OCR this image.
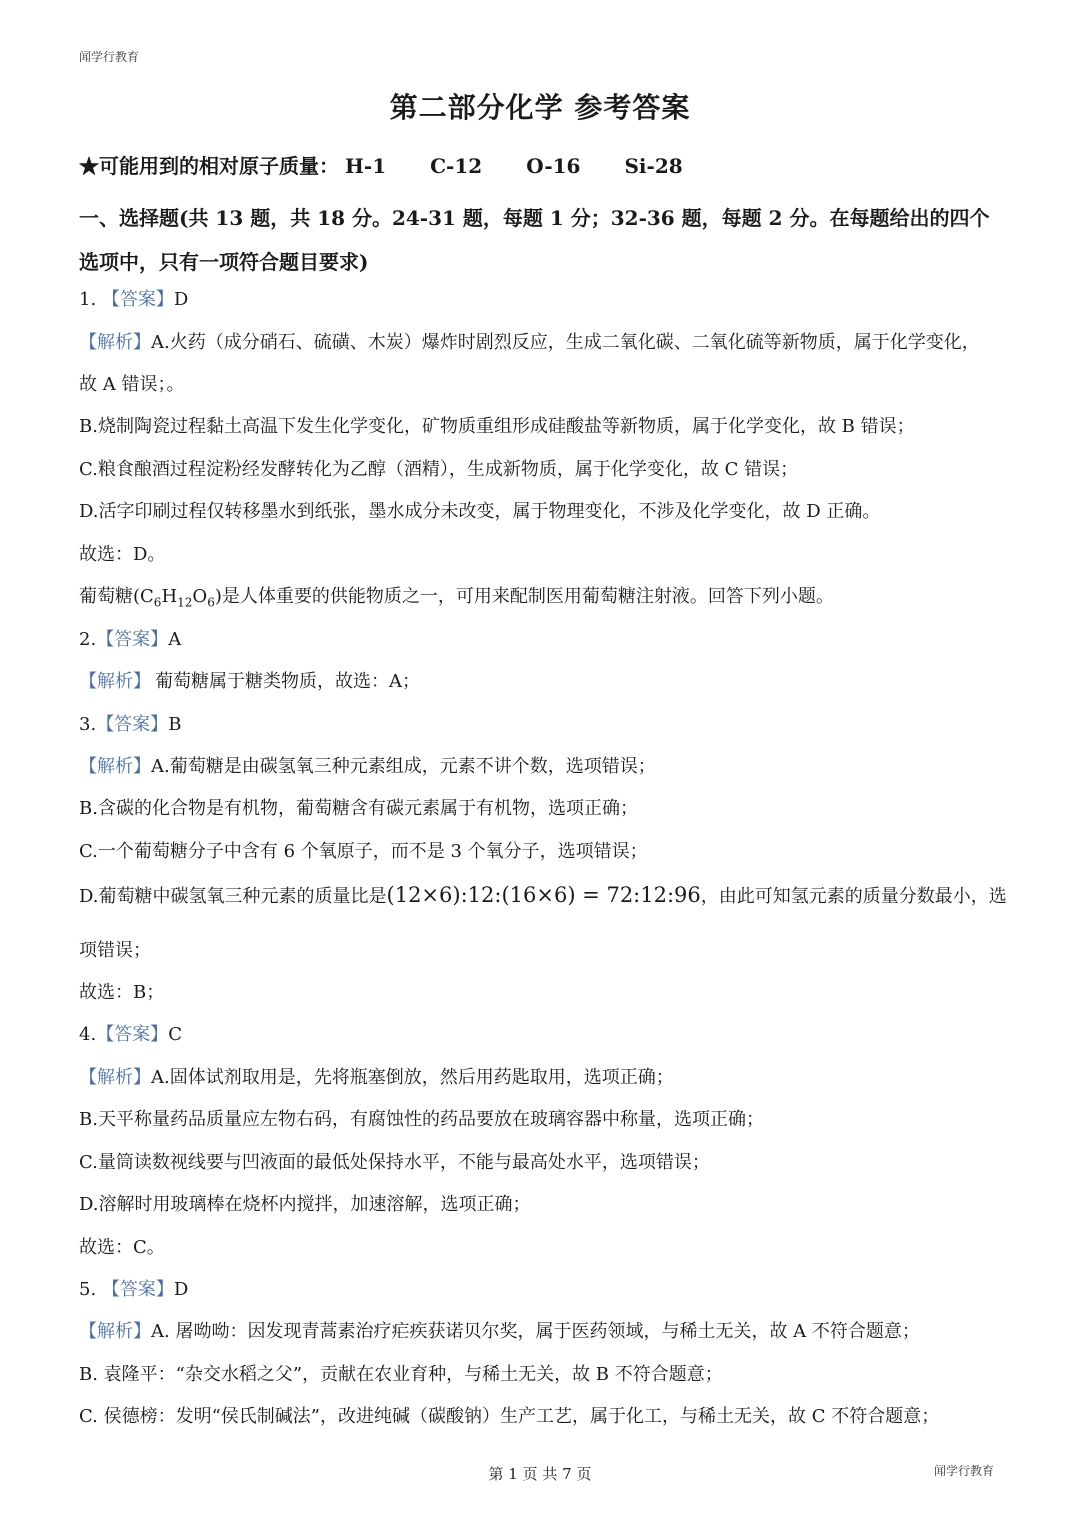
闻学行教育
第二部分化学 参考答案
★可能用到的相对原子质量： H-1 C-12 O-16 Si-28
一、选择题(共 13 题，共 18 分。24-31 题，每题 1 分；32-36 题，每题 2 分。在每题给出的四个选项中，只有一项符合题目要求)
1. 【答案】D
【解析】A.火药（成分硝石、硫磺、木炭）爆炸时剧烈反应，生成二氧化碳、二氧化硫等新物质，属于化学变化，
故 A 错误；。
B.烧制陶瓷过程黏土高温下发生化学变化，矿物质重组形成硅酸盐等新物质，属于化学变化，故 B 错误；
C.粮食酿酒过程淀粉经发酵转化为乙醇（酒精），生成新物质，属于化学变化，故 C 错误；
D.活字印刷过程仅转移墨水到纸张，墨水成分未改变，属于物理变化，不涉及化学变化，故 D 正确。
故选：D。
葡萄糖$(C_6H_{12}O_6)$是人体重要的供能物质之一，可用来配制医用葡萄糖注射液。回答下列小题。
2.【答案】A
【解析】 葡萄糖属于糖类物质，故选：A；
3.【答案】B
【解析】A.葡萄糖是由碳氢氧三种元素组成，元素不讲个数，选项错误；
B.含碳的化合物是有机物，葡萄糖含有碳元素属于有机物，选项正确；
C.一个葡萄糖分子中含有 6 个氧原子，而不是 3 个氧分子，选项错误；
D.葡萄糖中碳氢氧三种元素的质量比是(12×6):12:(16×6) = 72:12:96，由此可知氢元素的质量分数最小，选
项错误；
故选：B；
4.【答案】C
【解析】A.固体试剂取用是，先将瓶塞倒放，然后用药匙取用，选项正确；
B.天平称量药品质量应左物右码，有腐蚀性的药品要放在玻璃容器中称量，选项正确；
C.量筒读数视线要与凹液面的最低处保持水平，不能与最高处水平，选项错误；
D.溶解时用玻璃棒在烧杯内搅拌，加速溶解，选项正确；
故选：C。
5. 【答案】D
【解析】A. 屠呦呦：因发现青蒿素治疗疟疾获诺贝尔奖，属于医药领域，与稀土无关，故 A 不符合题意；
B. 袁隆平：“杂交水稻之父”，贡献在农业育种，与稀土无关，故 B 不符合题意；
C. 侯德榜：发明“侯氏制碱法”，改进纯碱（碳酸钠）生产工艺，属于化工，与稀土无关，故 C 不符合题意；
第 1 页 共 7 页	闻学行教育
